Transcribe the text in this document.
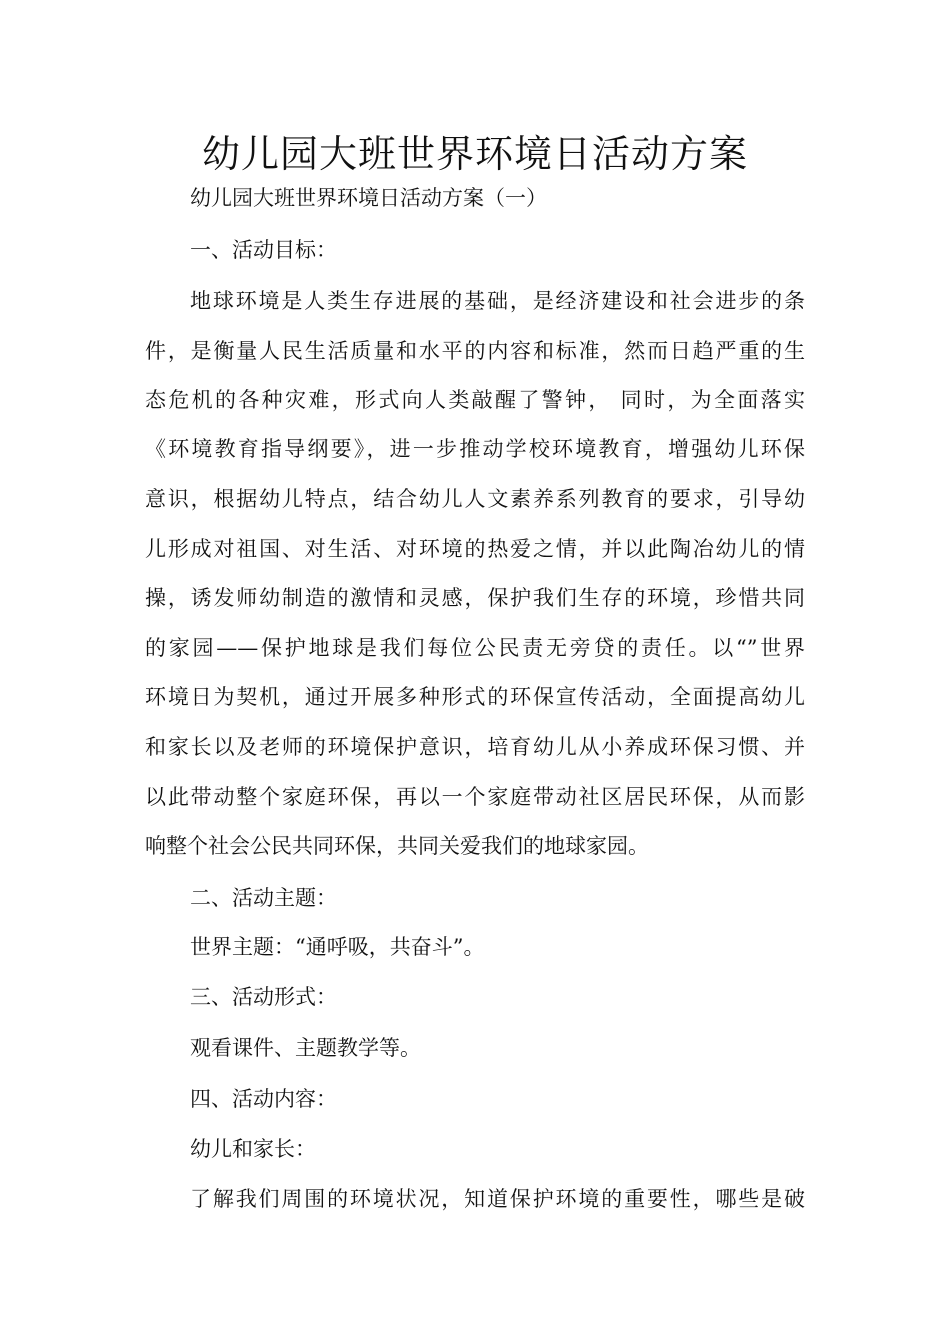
幼儿园大班世界环境日活动方案

幼儿园大班世界环境日活动方案（一）

一、活动目标：

地球环境是人类生存进展的基础，是经济建设和社会进步的条

件，是衡量人民生活质量和水平的内容和标准，然而日趋严重的生

态危机的各种灾难，形式向人类敲醒了警钟， 同时，为全面落实

《环境教育指导纲要》，进一步推动学校环境教育，增强幼儿环保

意识，根据幼儿特点，结合幼儿人文素养系列教育的要求，引导幼

儿形成对祖国、对生活、对环境的热爱之情，并以此陶冶幼儿的情

操，诱发师幼制造的激情和灵感，保护我们生存的环境，珍惜共同

的家园——保护地球是我们每位公民责无旁贷的责任。以“”世界

环境日为契机，通过开展多种形式的环保宣传活动，全面提高幼儿

和家长以及老师的环境保护意识，培育幼儿从小养成环保习惯、并

以此带动整个家庭环保，再以一个家庭带动社区居民环保，从而影

响整个社会公民共同环保，共同关爱我们的地球家园。

二、活动主题：

世界主题：“通呼吸，共奋斗”。

三、活动形式：

观看课件、主题教学等。

四、活动内容：

幼儿和家长：

了解我们周围的环境状况，知道保护环境的重要性，哪些是破
